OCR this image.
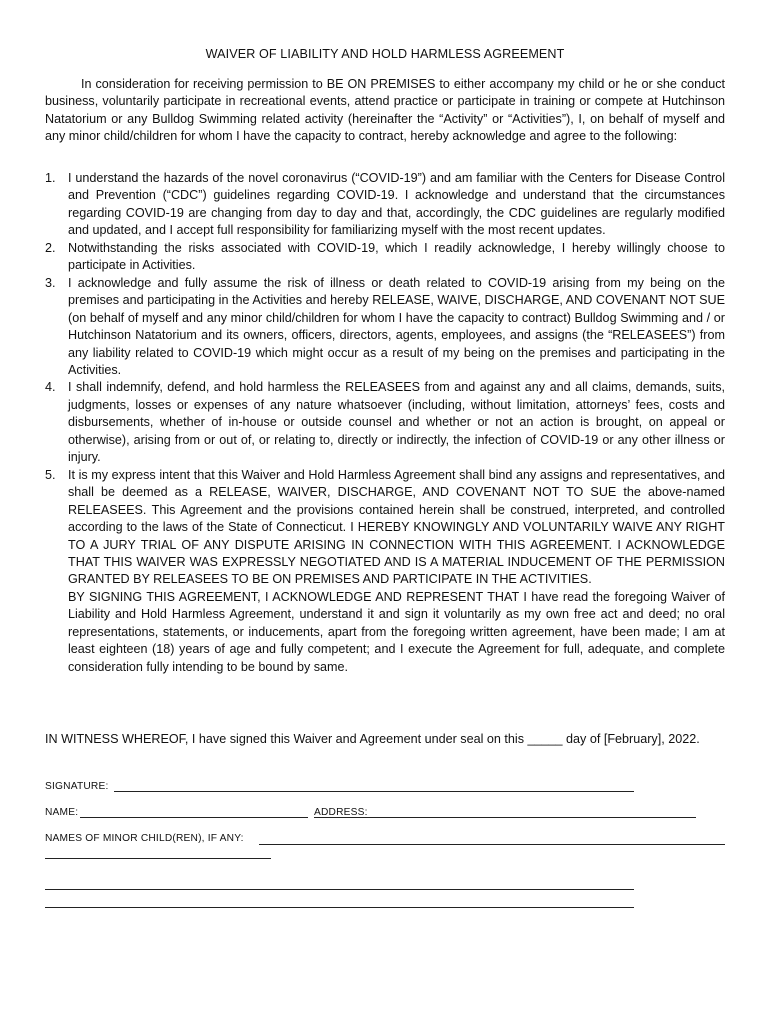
WAIVER OF LIABILITY AND HOLD HARMLESS AGREEMENT

In consideration for receiving permission to BE ON PREMISES to either accompany my child or he or she conduct business, voluntarily participate in recreational events, attend practice or participate in training or compete at Hutchinson Natatorium or any Bulldog Swimming related activity (hereinafter the “Activity” or “Activities”), I, on behalf of myself and any minor child/children for whom I have the capacity to contract, hereby acknowledge and agree to the following:

1. I understand the hazards of the novel coronavirus (“COVID-19”) and am familiar with the Centers for Disease Control and Prevention (“CDC”) guidelines regarding COVID-19. I acknowledge and understand that the circumstances regarding COVID-19 are changing from day to day and that, accordingly, the CDC guidelines are regularly modified and updated, and I accept full responsibility for familiarizing myself with the most recent updates.
2. Notwithstanding the risks associated with COVID-19, which I readily acknowledge, I hereby willingly choose to participate in Activities.
3. I acknowledge and fully assume the risk of illness or death related to COVID-19 arising from my being on the premises and participating in the Activities and hereby RELEASE, WAIVE, DISCHARGE, AND COVENANT NOT SUE (on behalf of myself and any minor child/children for whom I have the capacity to contract) Bulldog Swimming and / or Hutchinson Natatorium and its owners, officers, directors, agents, employees, and assigns (the “RELEASEES”) from any liability related to COVID-19 which might occur as a result of my being on the premises and participating in the Activities.
4. I shall indemnify, defend, and hold harmless the RELEASEES from and against any and all claims, demands, suits, judgments, losses or expenses of any nature whatsoever (including, without limitation, attorneys’ fees, costs and disbursements, whether of in-house or outside counsel and whether or not an action is brought, on appeal or otherwise), arising from or out of, or relating to, directly or indirectly, the infection of COVID-19 or any other illness or injury.
5. It is my express intent that this Waiver and Hold Harmless Agreement shall bind any assigns and representatives, and shall be deemed as a RELEASE, WAIVER, DISCHARGE, AND COVENANT NOT TO SUE the above-named RELEASEES. This Agreement and the provisions contained herein shall be construed, interpreted, and controlled according to the laws of the State of Connecticut. I HEREBY KNOWINGLY AND VOLUNTARILY WAIVE ANY RIGHT TO A JURY TRIAL OF ANY DISPUTE ARISING IN CONNECTION WITH THIS AGREEMENT. I ACKNOWLEDGE THAT THIS WAIVER WAS EXPRESSLY NEGOTIATED AND IS A MATERIAL INDUCEMENT OF THE PERMISSION GRANTED BY RELEASEES TO BE ON PREMISES AND PARTICIPATE IN THE ACTIVITIES.
BY SIGNING THIS AGREEMENT, I ACKNOWLEDGE AND REPRESENT THAT I have read the foregoing Waiver of Liability and Hold Harmless Agreement, understand it and sign it voluntarily as my own free act and deed; no oral representations, statements, or inducements, apart from the foregoing written agreement, have been made; I am at least eighteen (18) years of age and fully competent; and I execute the Agreement for full, adequate, and complete consideration fully intending to be bound by same.

IN WITNESS WHEREOF, I have signed this Waiver and Agreement under seal on this _____ day of [February], 2022.

SIGNATURE:
NAME:	ADDRESS:
NAMES OF MINOR CHILD(REN), IF ANY:
